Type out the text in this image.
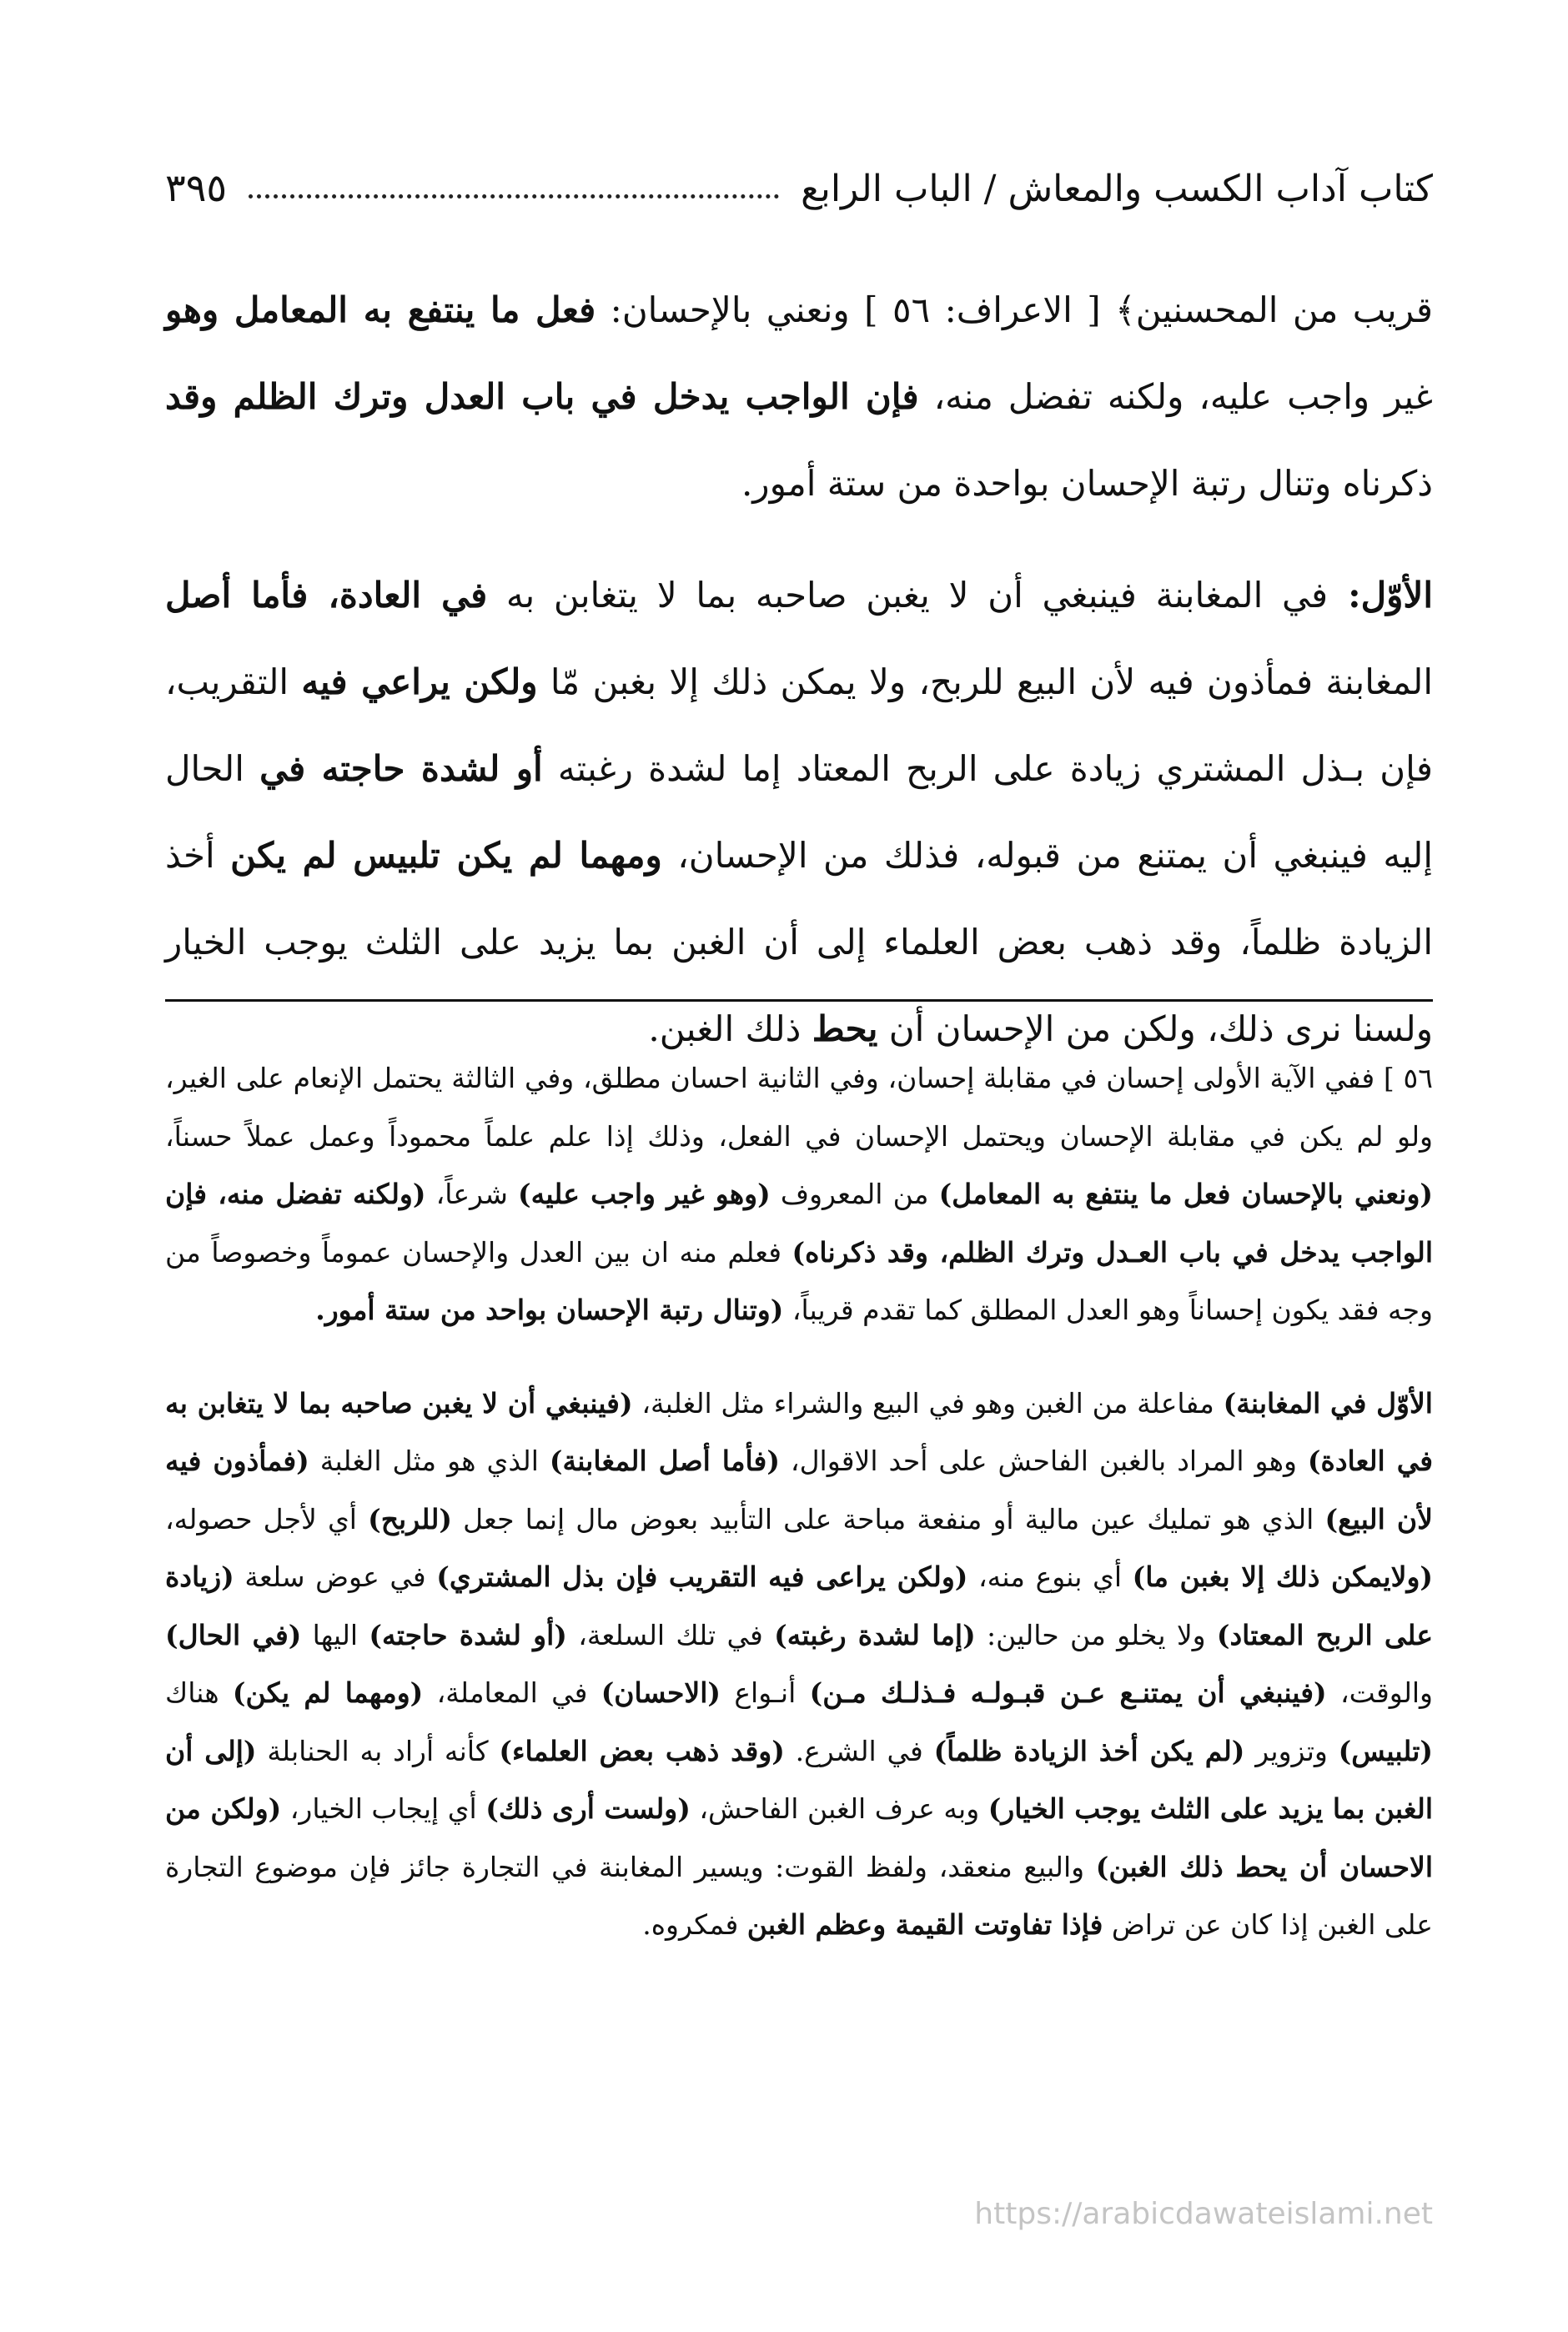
كتاب آداب الكسب والمعاش / الباب الرابع
٣٩٥

قريب من المحسنين﴾ [ الاعراف: ٥٦ ] ونعني بالإحسان: فعل ما ينتفع به المعامل وهو غير واجب عليه، ولكنه تفضل منه، فإن الواجب يدخل في باب العدل وترك الظلم وقد ذكرناه وتنال رتبة الإحسان بواحدة من ستة أمور.

الأوّل: في المغابنة فينبغي أن لا يغبن صاحبه بما لا يتغابن به في العادة، فأما أصل المغابنة فمأذون فيه لأن البيع للربح، ولا يمكن ذلك إلا بغبن مّا ولكن يراعي فيه التقريب، فإن بـذل المشتري زيادة على الربح المعتاد إما لشدة رغبته أو لشدة حاجته في الحال إليه فينبغي أن يمتنع من قبوله، فذلك من الإحسان، ومهما لم يكن تلبيس لم يكن أخذ الزيادة ظلماً، وقد ذهب بعض العلماء إلى أن الغبن بما يزيد على الثلث يوجب الخيار ولسنا نرى ذلك، ولكن من الإحسان أن يحط ذلك الغبن.

٥٦ ] ففي الآية الأولى إحسان في مقابلة إحسان، وفي الثانية احسان مطلق، وفي الثالثة يحتمل الإنعام على الغير، ولو لم يكن في مقابلة الإحسان ويحتمل الإحسان في الفعل، وذلك إذا علم علماً محموداً وعمل عملاً حسناً، (ونعني بالإحسان فعل ما ينتفع به المعامل) من المعروف (وهو غير واجب عليه) شرعاً، (ولكنه تفضل منه، فإن الواجب يدخل في باب العـدل وترك الظلم، وقد ذكرناه) فعلم منه ان بين العدل والإحسان عموماً وخصوصاً من وجه فقد يكون إحساناً وهو العدل المطلق كما تقدم قريباً، (وتنال رتبة الإحسان بواحد من ستة أمور.

الأوّل في المغابنة) مفاعلة من الغبن وهو في البيع والشراء مثل الغلبة، (فينبغي أن لا يغبن صاحبه بما لا يتغابن به في العادة) وهو المراد بالغبن الفاحش على أحد الاقوال، (فأما أصل المغابنة) الذي هو مثل الغلبة (فمأذون فيه لأن البيع) الذي هو تمليك عين مالية أو منفعة مباحة على التأبيد بعوض مال إنما جعل (للربح) أي لأجل حصوله، (ولايمكن ذلك إلا بغبن ما) أي بنوع منه، (ولكن يراعى فيه التقريب فإن بذل المشتري) في عوض سلعة (زيادة على الربح المعتاد) ولا يخلو من حالين: (إما لشدة رغبته) في تلك السلعة، (أو لشدة حاجته) اليها (في الحال) والوقت، (فينبغي أن يمتنـع عـن قبـولـه فـذلـك مـن) أنـواع (الاحسان) في المعاملة، (ومهما لم يكن) هناك (تلبيس) وتزوير (لم يكن أخذ الزيادة ظلماً) في الشرع. (وقد ذهب بعض العلماء) كأنه أراد به الحنابلة (إلى أن الغبن بما يزيد على الثلث يوجب الخيار) وبه عرف الغبن الفاحش، (ولست أرى ذلك) أي إيجاب الخيار، (ولكن من الاحسان أن يحط ذلك الغبن) والبيع منعقد، ولفظ القوت: ويسير المغابنة في التجارة جائز فإن موضوع التجارة على الغبن إذا كان عن تراض فإذا تفاوتت القيمة وعظم الغبن فمكروه.

https://arabicdawateislami.net
